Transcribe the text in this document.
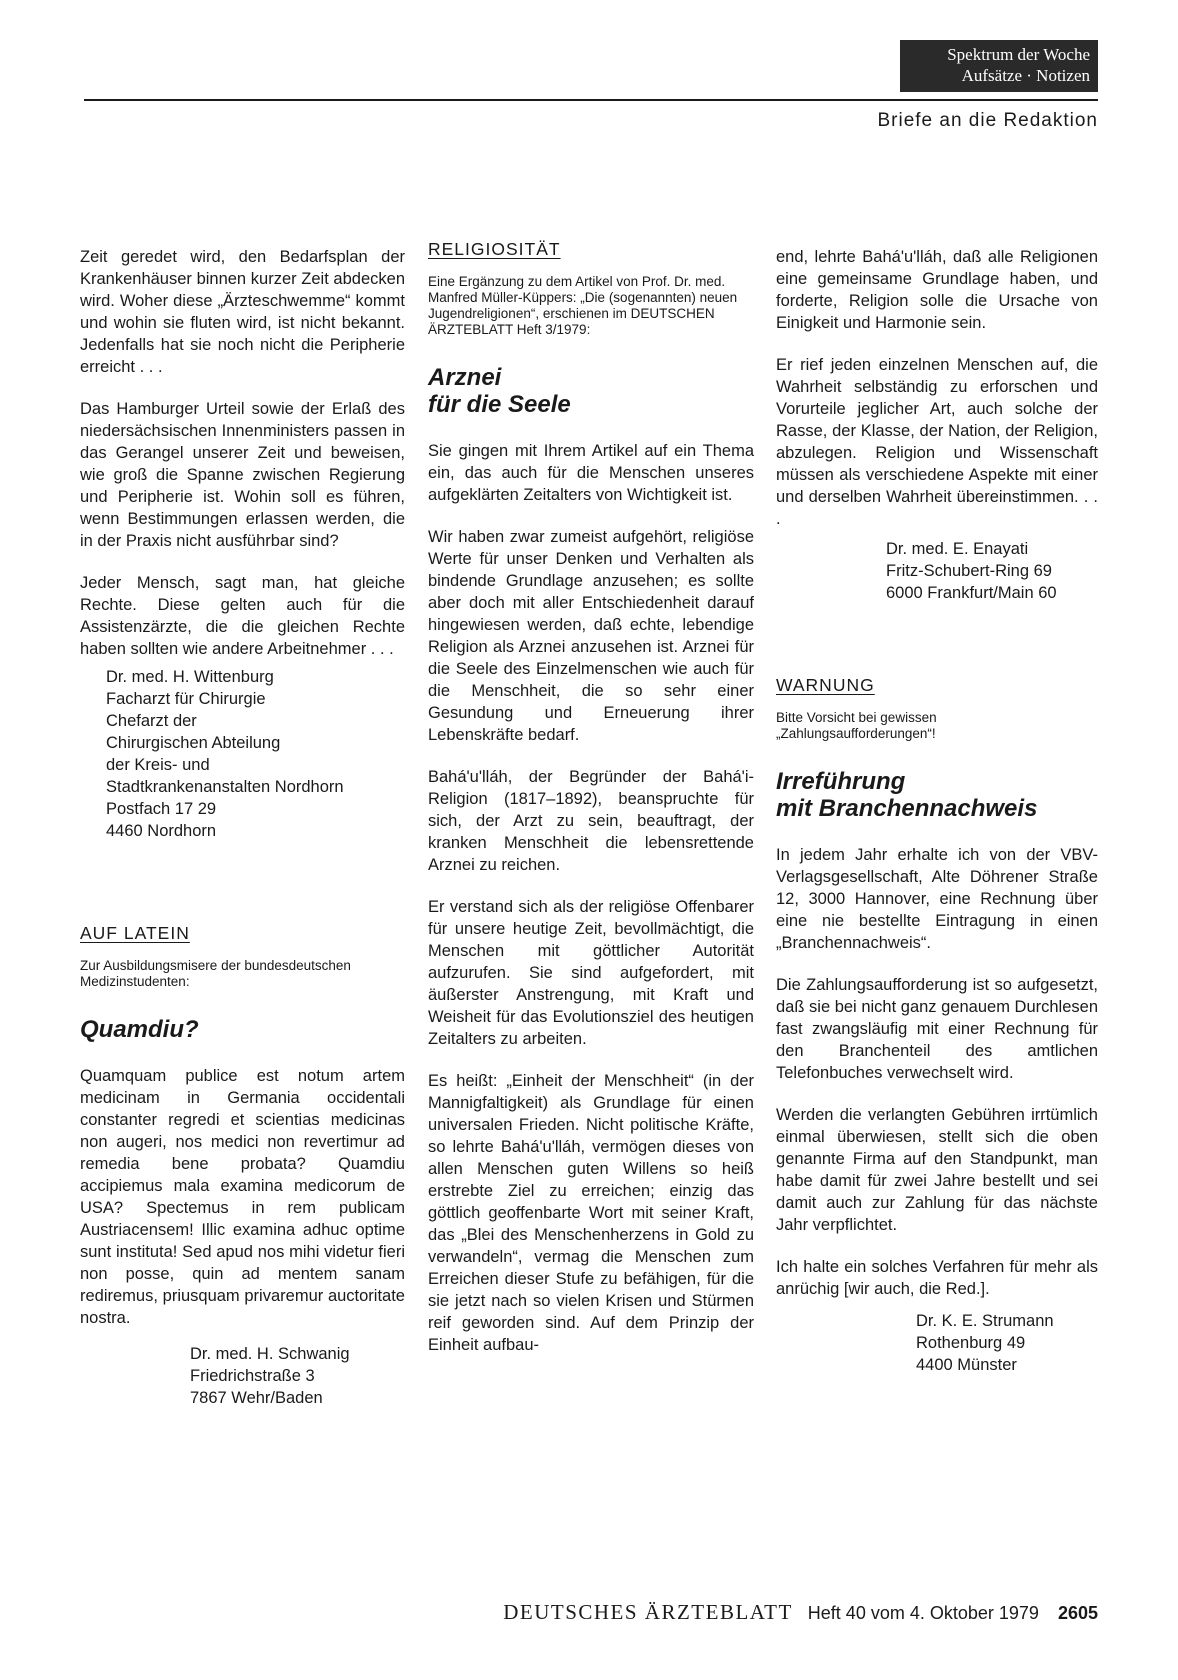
Spektrum der Woche
Aufsätze · Notizen
Briefe an die Redaktion

Zeit geredet wird, den Bedarfsplan der Krankenhäuser binnen kurzer Zeit abdecken wird. Woher diese „Ärzteschwemme“ kommt und wohin sie fluten wird, ist nicht bekannt. Jedenfalls hat sie noch nicht die Peripherie erreicht . . .

Das Hamburger Urteil sowie der Erlaß des niedersächsischen Innenministers passen in das Gerangel unserer Zeit und beweisen, wie groß die Spanne zwischen Regierung und Peripherie ist. Wohin soll es führen, wenn Bestimmungen erlassen werden, die in der Praxis nicht ausführbar sind?

Jeder Mensch, sagt man, hat gleiche Rechte. Diese gelten auch für die Assistenzärzte, die die gleichen Rechte haben sollten wie andere Arbeitnehmer . . .

Dr. med. H. Wittenburg
Facharzt für Chirurgie
Chefarzt der
Chirurgischen Abteilung
der Kreis- und
Stadtkrankenanstalten Nordhorn
Postfach 17 29
4460 Nordhorn
AUF LATEIN
Zur Ausbildungsmisere der bundesdeutschen Medizinstudenten:
Quamdiu?

Quamquam publice est notum artem medicinam in Germania occidentali constanter regredi et scientias medicinas non augeri, nos medici non revertimur ad remedia bene probata? Quamdiu accipiemus mala examina medicorum de USA? Spectemus in rem publicam Austriacensem! Illic examina adhuc optime sunt instituta! Sed apud nos mihi videtur fieri non posse, quin ad mentem sanam rediremus, priusquam privaremur auctoritate nostra.

Dr. med. H. Schwanig
Friedrichstraße 3
7867 Wehr/Baden
RELIGIOSITÄT
Eine Ergänzung zu dem Artikel von Prof. Dr. med. Manfred Müller-Küppers: „Die (sogenannten) neuen Jugendreligionen“, erschienen im DEUTSCHEN ÄRZTEBLATT Heft 3/1979:
Arznei
für die Seele

Sie gingen mit Ihrem Artikel auf ein Thema ein, das auch für die Menschen unseres aufgeklärten Zeitalters von Wichtigkeit ist.

Wir haben zwar zumeist aufgehört, religiöse Werte für unser Denken und Verhalten als bindende Grundlage anzusehen; es sollte aber doch mit aller Entschiedenheit darauf hingewiesen werden, daß echte, lebendige Religion als Arznei anzusehen ist. Arznei für die Seele des Einzelmenschen wie auch für die Menschheit, die so sehr einer Gesundung und Erneuerung ihrer Lebenskräfte bedarf.

Bahá'u'lláh, der Begründer der Bahá'i-Religion (1817–1892), beanspruchte für sich, der Arzt zu sein, beauftragt, der kranken Menschheit die lebensrettende Arznei zu reichen.

Er verstand sich als der religiöse Offenbarer für unsere heutige Zeit, bevollmächtigt, die Menschen mit göttlicher Autorität aufzurufen. Sie sind aufgefordert, mit äußerster Anstrengung, mit Kraft und Weisheit für das Evolutionsziel des heutigen Zeitalters zu arbeiten.

Es heißt: „Einheit der Menschheit“ (in der Mannigfaltigkeit) als Grundlage für einen universalen Frieden. Nicht politische Kräfte, so lehrte Bahá'u'lláh, vermögen dieses von allen Menschen guten Willens so heiß erstrebte Ziel zu erreichen; einzig das göttlich geoffenbarte Wort mit seiner Kraft, das „Blei des Menschenherzens in Gold zu verwandeln“, vermag die Menschen zum Erreichen dieser Stufe zu befähigen, für die sie jetzt nach so vielen Krisen und Stürmen reif geworden sind. Auf dem Prinzip der Einheit aufbau-

end, lehrte Bahá'u'lláh, daß alle Religionen eine gemeinsame Grundlage haben, und forderte, Religion solle die Ursache von Einigkeit und Harmonie sein.

Er rief jeden einzelnen Menschen auf, die Wahrheit selbständig zu erforschen und Vorurteile jeglicher Art, auch solche der Rasse, der Klasse, der Nation, der Religion, abzulegen. Religion und Wissenschaft müssen als verschiedene Aspekte mit einer und derselben Wahrheit übereinstimmen. . . .

Dr. med. E. Enayati
Fritz-Schubert-Ring 69
6000 Frankfurt/Main 60
WARNUNG
Bitte Vorsicht bei gewissen „Zahlungsaufforderungen“!
Irreführung
mit Branchennachweis

In jedem Jahr erhalte ich von der VBV-Verlagsgesellschaft, Alte Döhrener Straße 12, 3000 Hannover, eine Rechnung über eine nie bestellte Eintragung in einen „Branchennachweis“.

Die Zahlungsaufforderung ist so aufgesetzt, daß sie bei nicht ganz genauem Durchlesen fast zwangsläufig mit einer Rechnung für den Branchenteil des amtlichen Telefonbuches verwechselt wird.

Werden die verlangten Gebühren irrtümlich einmal überwiesen, stellt sich die oben genannte Firma auf den Standpunkt, man habe damit für zwei Jahre bestellt und sei damit auch zur Zahlung für das nächste Jahr verpflichtet.

Ich halte ein solches Verfahren für mehr als anrüchig [wir auch, die Red.].

Dr. K. E. Strumann
Rothenburg 49
4400 Münster
DEUTSCHES ÄRZTEBLATT Heft 40 vom 4. Oktober 1979 2605
